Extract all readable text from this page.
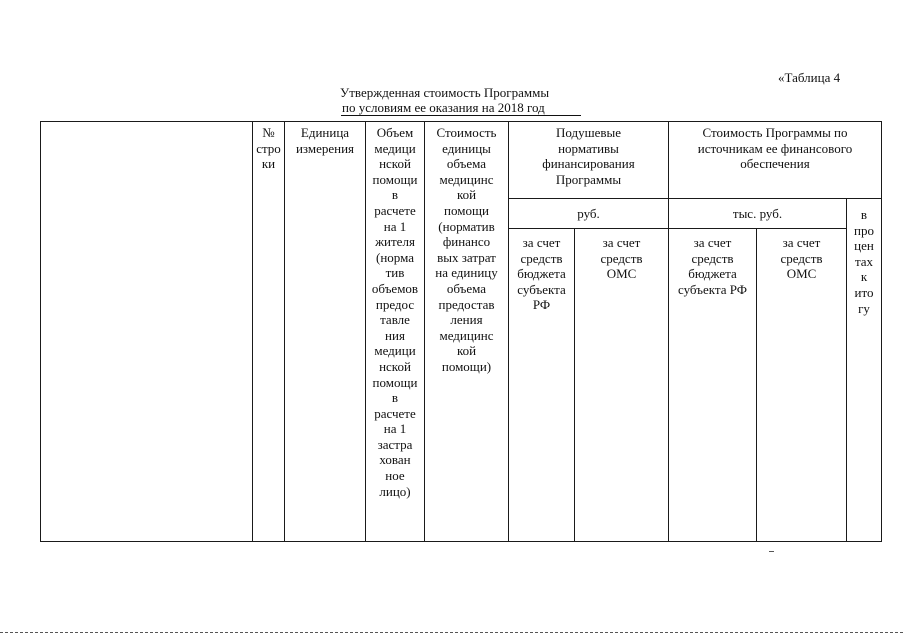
«Таблица 4
Утвержденная стоимость Программы
по условиям ее оказания на 2018 год
№
стро
ки
Единица
измерения
Объем
медици
нской
помощи
в
расчете
на 1
жителя
(норма
тив
объемов
предос
тавле
ния
медици
нской
помощи
в
расчете
на 1
застра
хован
ное
лицо)
Стоимость
единицы
объема
медицинс
кой
помощи
(норматив
финансо
вых затрат
на единицу
объема
предостав
ления
медицинс
кой
помощи)
Подушевые
нормативы
финансирования
Программы
Стоимость Программы по
источникам ее финансового
обеспечения
руб.	тыс. руб.	в
про
цен
тах
к
ито
гу
за счет
средств
бюджета
субъекта
РФ
за счет
средств
ОМС
за счет
средств
бюджета
субъекта РФ
за счет
средств
ОМС
